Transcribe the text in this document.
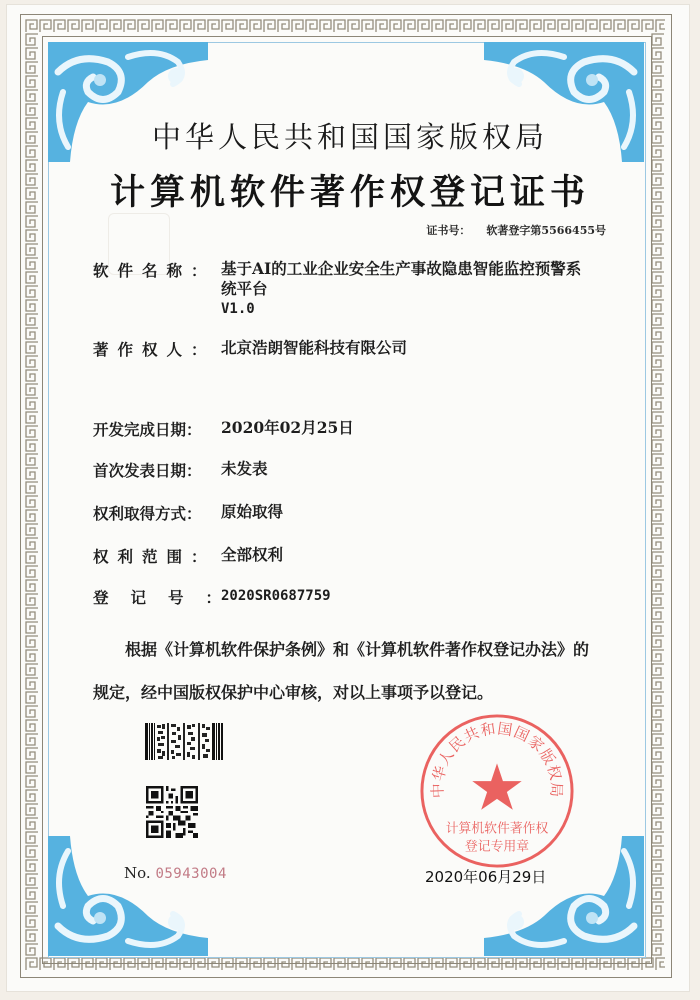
中华人民共和国国家版权局
计算机软件著作权登记证书
证书号： 软著登字第5566455号
软件名称： 基于AI的工业企业安全生产事故隐患智能监控预警系
统平台
V1.0
著作权人： 北京浩朗智能科技有限公司
开发完成日期： 2020年02月25日
首次发表日期： 未发表
权利取得方式： 原始取得
权利范围： 全部权利
登记号：
2020SR0687759
根据《计算机软件保护条例》和《计算机软件著作权登记办法》的
规定，经中国版权保护中心审核，对以上事项予以登记。
No. 05943004
中华人民共和国国家版权局
计算机软件著作权
登记专用章
2020年06月29日
